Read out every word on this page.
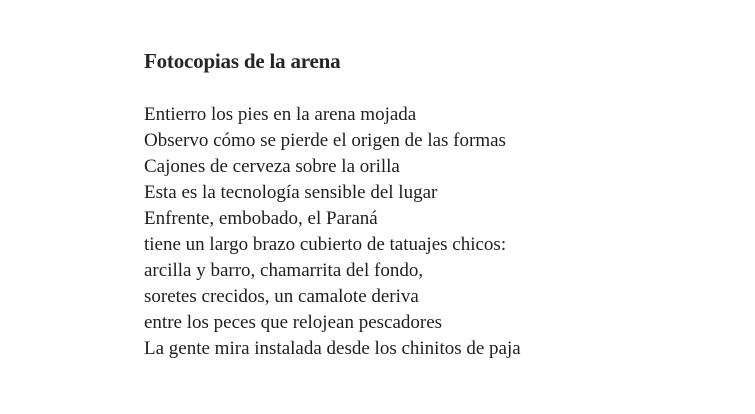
Fotocopias de la arena
Entierro los pies en la arena mojada
Observo cómo se pierde el origen de las formas
Cajones de cerveza sobre la orilla
Esta es la tecnología sensible del lugar
Enfrente, embobado, el Paraná
tiene un largo brazo cubierto de tatuajes chicos:
arcilla y barro, chamarrita del fondo,
soretes crecidos, un camalote deriva
entre los peces que relojean pescadores
La gente mira instalada desde los chinitos de paja
